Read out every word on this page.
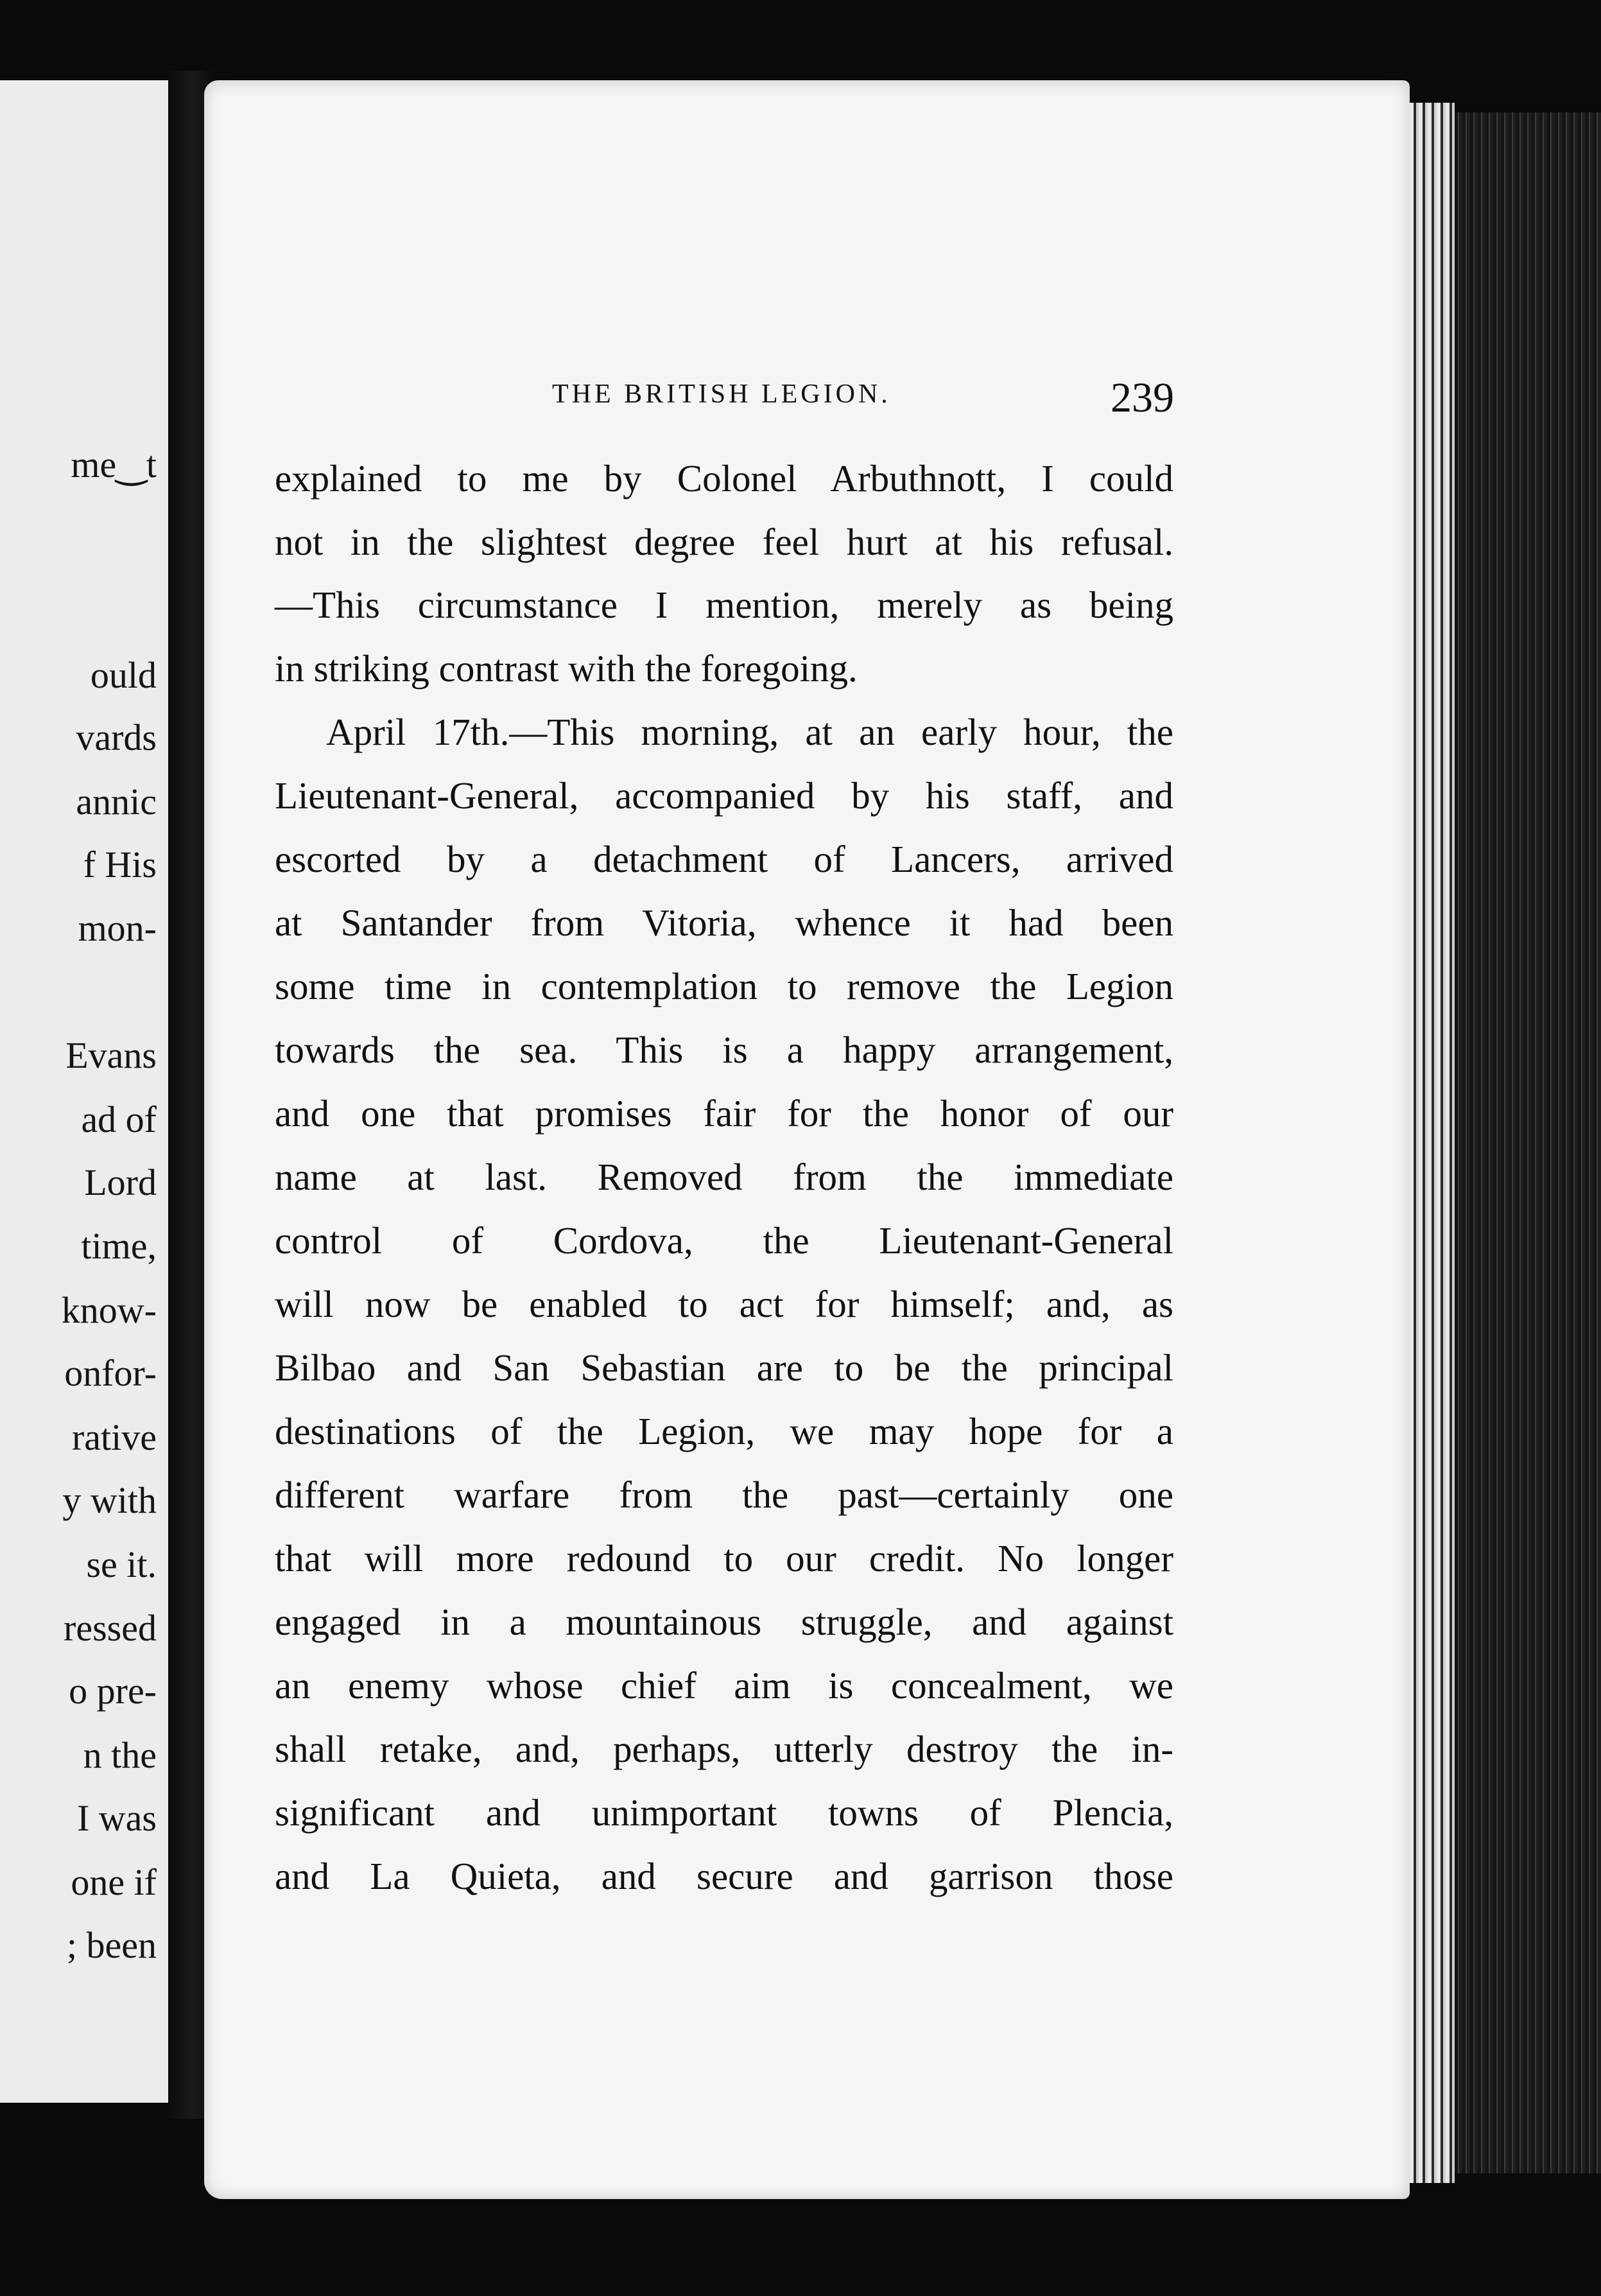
me‿t
ould
vards
annic
f His
mon-
Evans
ad of
Lord
time,
know-
onfor-
rative
y with
se it.
ressed
o pre-
n the
I was
one if
; been
THE BRITISH LEGION.	239
explained to me by Colonel Arbuthnott, I could
not in the slightest degree feel hurt at his refusal.
—This circumstance I mention, merely as being
in striking contrast with the foregoing.
April 17th.—This morning, at an early hour, the
Lieutenant-General, accompanied by his staff, and
escorted by a detachment of Lancers, arrived
at Santander from Vitoria, whence it had been
some time in contemplation to remove the Legion
towards the sea. This is a happy arrangement,
and one that promises fair for the honor of our
name at last. Removed from the immediate
control of Cordova, the Lieutenant-General
will now be enabled to act for himself; and, as
Bilbao and San Sebastian are to be the principal
destinations of the Legion, we may hope for a
different warfare from the past—certainly one
that will more redound to our credit. No longer
engaged in a mountainous struggle, and against
an enemy whose chief aim is concealment, we
shall retake, and, perhaps, utterly destroy the in-
significant and unimportant towns of Plencia,
and La Quieta, and secure and garrison those
